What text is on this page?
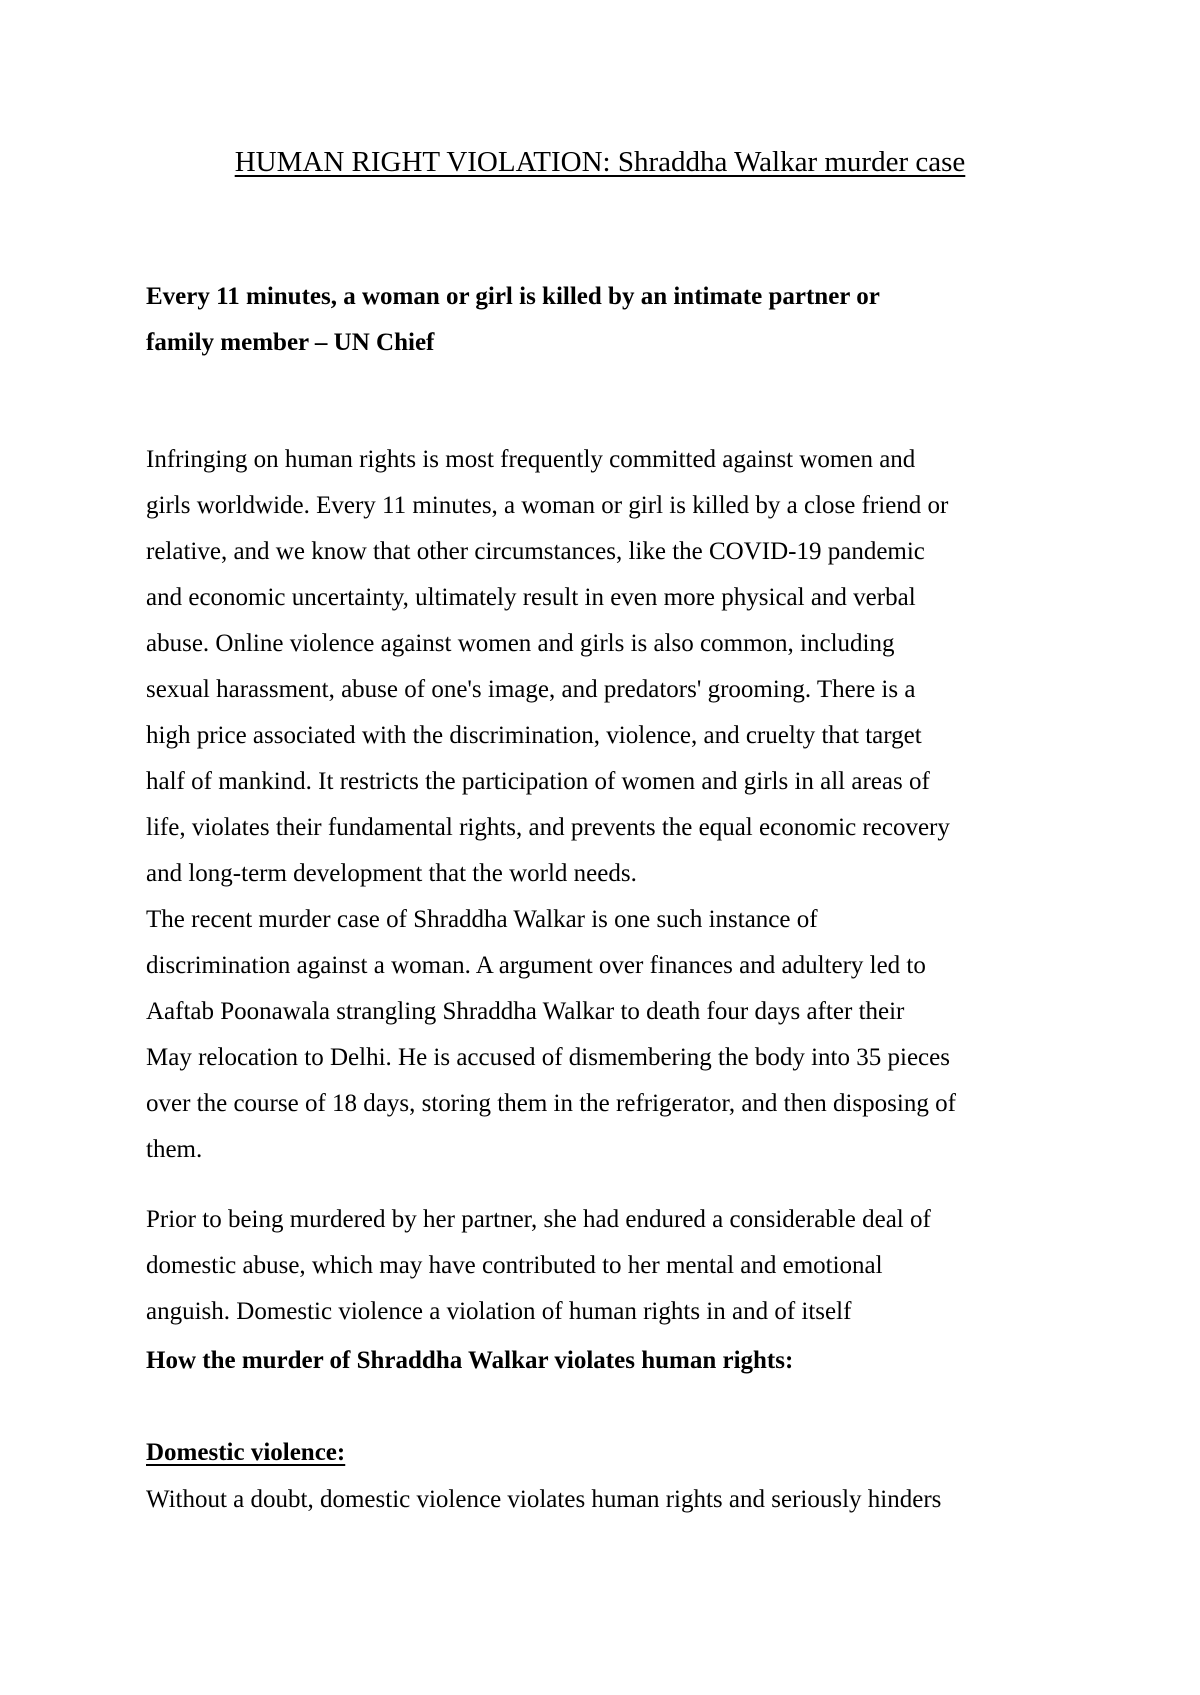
HUMAN RIGHT VIOLATION: Shraddha Walkar murder case

Every 11 minutes, a woman or girl is killed by an intimate partner or
family member – UN Chief

Infringing on human rights is most frequently committed against women and
girls worldwide. Every 11 minutes, a woman or girl is killed by a close friend or
relative, and we know that other circumstances, like the COVID-19 pandemic
and economic uncertainty, ultimately result in even more physical and verbal
abuse. Online violence against women and girls is also common, including
sexual harassment, abuse of one's image, and predators' grooming. There is a
high price associated with the discrimination, violence, and cruelty that target
half of mankind. It restricts the participation of women and girls in all areas of
life, violates their fundamental rights, and prevents the equal economic recovery
and long-term development that the world needs.
The recent murder case of Shraddha Walkar is one such instance of
discrimination against a woman. A argument over finances and adultery led to
Aaftab Poonawala strangling Shraddha Walkar to death four days after their
May relocation to Delhi. He is accused of dismembering the body into 35 pieces
over the course of 18 days, storing them in the refrigerator, and then disposing of
them.

Prior to being murdered by her partner, she had endured a considerable deal of
domestic abuse, which may have contributed to her mental and emotional
anguish. Domestic violence a violation of human rights in and of itself

How the murder of Shraddha Walkar violates human rights:

Domestic violence:

Without a doubt, domestic violence violates human rights and seriously hinders
